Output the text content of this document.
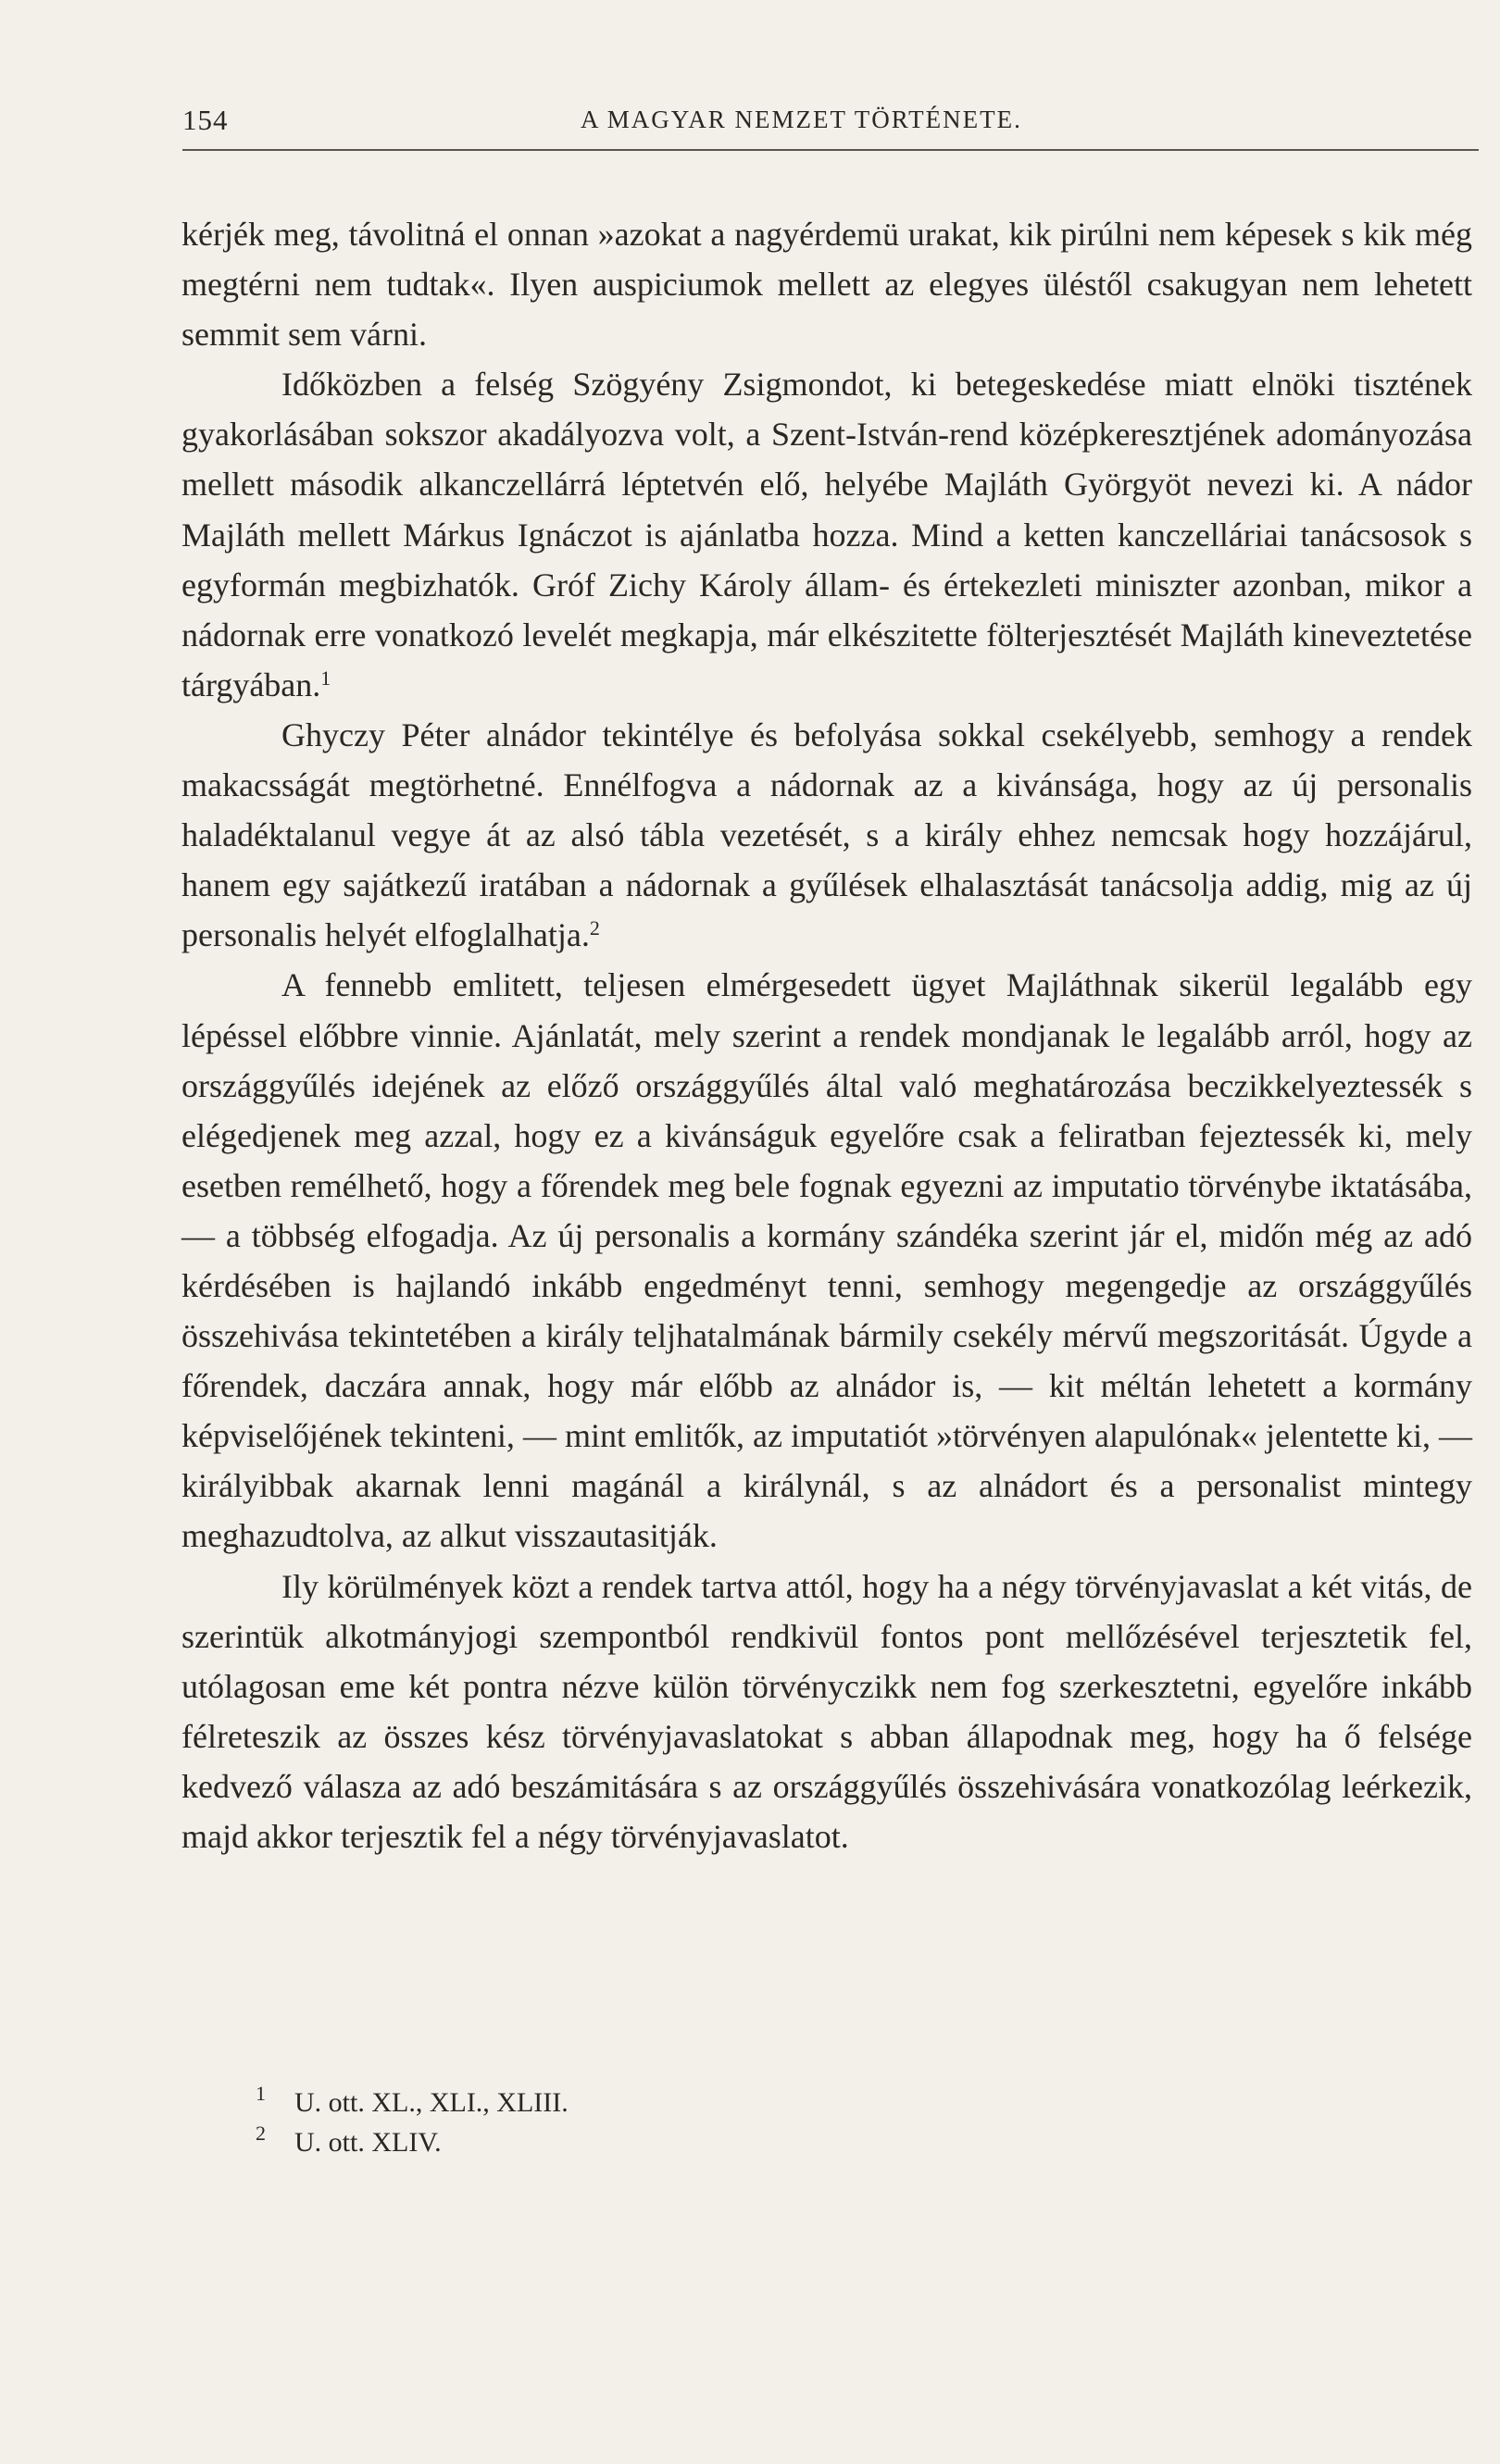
154	A MAGYAR NEMZET TÖRTÉNETE.

kérjék meg, távolitná el onnan »azokat a nagyérdemü urakat, kik pirúlni nem képesek s kik még megtérni nem tudtak«. Ilyen auspiciumok mellett az elegyes üléstől csakugyan nem lehetett semmit sem várni.

Időközben a felség Szögyény Zsigmondot, ki betegeskedése miatt elnöki tisztének gyakorlásában sokszor akadályozva volt, a Szent-István-rend középkeresztjének adományozása mellett második alkanczellárrá léptetvén elő, helyébe Majláth Györgyöt nevezi ki. A nádor Majláth mellett Márkus Ignáczot is ajánlatba hozza. Mind a ketten kanczelláriai tanácsosok s egyformán megbizhatók. Gróf Zichy Károly állam- és értekezleti miniszter azonban, mikor a nádornak erre vonatkozó levelét megkapja, már elkészitette fölterjesztését Majláth kineveztetése tárgyában.$^1$

Ghyczy Péter alnádor tekintélye és befolyása sokkal csekélyebb, semhogy a rendek makacsságát megtörhetné. Ennélfogva a nádornak az a kivánsága, hogy az új personalis haladéktalanul vegye át az alsó tábla vezetését, s a király ehhez nemcsak hogy hozzájárul, hanem egy sajátkezű iratában a nádornak a gyűlések elhalasztását tanácsolja addig, mig az új personalis helyét elfoglalhatja.$^2$

A fennebb emlitett, teljesen elmérgesedett ügyet Majláthnak sikerül legalább egy lépéssel előbbre vinnie. Ajánlatát, mely szerint a rendek mondjanak le legalább arról, hogy az országgyűlés idejének az előző országgyűlés által való meghatározása beczikkelyeztessék s elégedjenek meg azzal, hogy ez a kivánságuk egyelőre csak a feliratban fejeztessék ki, mely esetben remélhető, hogy a főrendek meg bele fognak egyezni az imputatio törvénybe iktatásába, — a többség elfogadja. Az új personalis a kormány szándéka szerint jár el, midőn még az adó kérdésében is hajlandó inkább engedményt tenni, semhogy megengedje az országgyűlés összehivása tekintetében a király teljhatalmának bármily csekély mérvű megszoritását. Úgyde a főrendek, daczára annak, hogy már előbb az alnádor is, — kit méltán lehetett a kormány képviselőjének tekinteni, — mint emlitők, az imputatiót »törvényen alapulónak« jelentette ki, — királyibbak akarnak lenni magánál a királynál, s az alnádort és a personalist mintegy meghazudtolva, az alkut visszautasitják.

Ily körülmények közt a rendek tartva attól, hogy ha a négy törvényjavaslat a két vitás, de szerintük alkotmányjogi szempontból rendkivül fontos pont mellőzésével terjesztetik fel, utólagosan eme két pontra nézve külön törvényczikk nem fog szerkesztetni, egyelőre inkább félreteszik az összes kész törvényjavaslatokat s abban állapodnak meg, hogy ha ő felsége kedvező válasza az adó beszámitására s az országgyűlés összehivására vonatkozólag leérkezik, majd akkor terjesztik fel a négy törvényjavaslatot.

$^1$ U. ott. XL., XLI., XLIII.

$^2$ U. ott. XLIV.
